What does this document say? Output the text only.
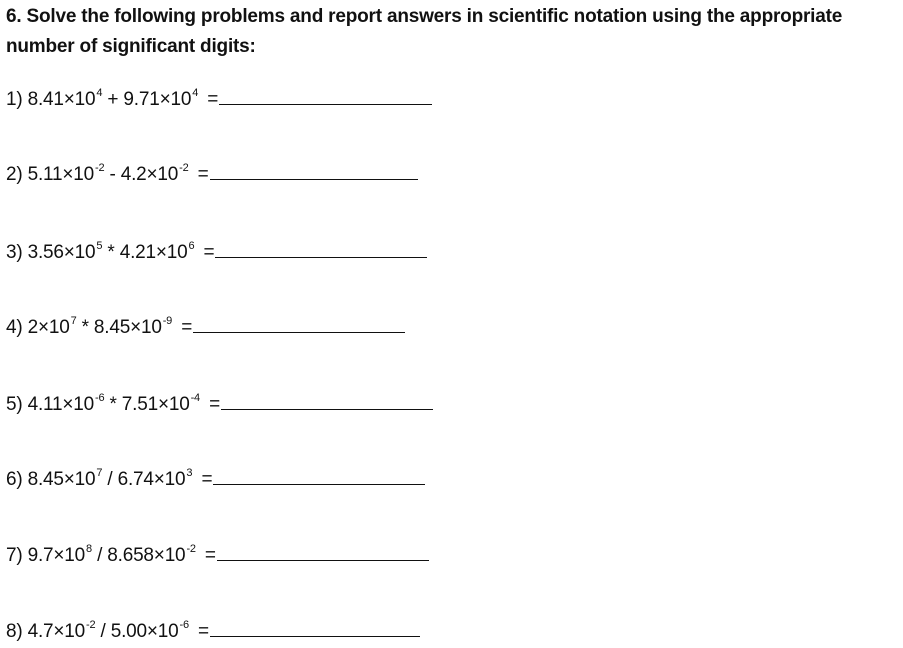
6. Solve the following problems and report answers in scientific notation using the appropriate
number of significant digits:
1) $8.41\times 10^4 + 9.71\times 10^4$ =
2) $5.11\times 10^{-2} - 4.2\times 10^{-2}$ =
3) $3.56\times 10^5 * 4.21\times 10^6$ =
4) $2\times 10^7 * 8.45\times 10^{-9}$ =
5) $4.11\times 10^{-6} * 7.51\times 10^{-4}$ =
6) $8.45\times 10^7 / 6.74\times 10^3$ =
7) $9.7\times 10^8 / 8.658\times 10^{-2}$ =
8) $4.7\times 10^{-2} / 5.00\times 10^{-6}$ =
